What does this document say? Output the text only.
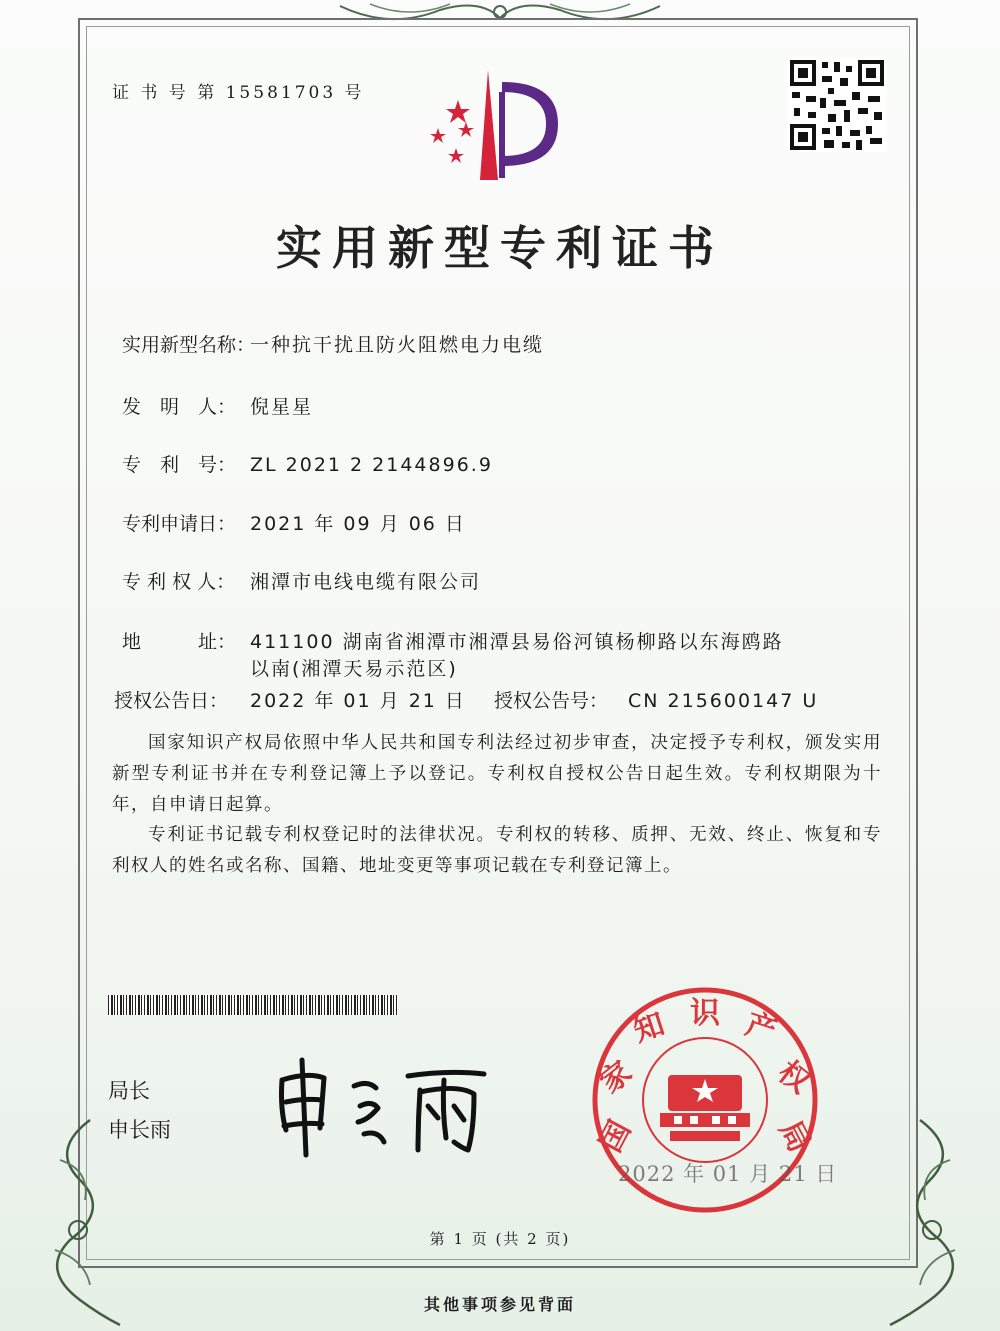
证 书 号 第 15581703 号
实用新型专利证书
实用新型名称：一种抗干扰且防火阻燃电力电缆
发　明　人： 倪星星
专　利　号： ZL 2021 2 2144896.9
专利申请日： 2021 年 09 月 06 日
专 利 权 人： 湘潭市电线电缆有限公司
地　　　址： 411100 湖南省湘潭市湘潭县易俗河镇杨柳路以东海鸥路
以南(湘潭天易示范区)
授权公告日： 2022 年 01 月 21 日 授权公告号： CN 215600147 U
国家知识产权局依照中华人民共和国专利法经过初步审查，决定授予专利权，颁发实用新型专利证书并在专利登记簿上予以登记。专利权自授权公告日起生效。专利权期限为十年，自申请日起算。
专利证书记载专利权登记时的法律状况。专利权的转移、质押、无效、终止、恢复和专利权人的姓名或名称、国籍、地址变更等事项记载在专利登记簿上。
局长
申长雨	国
家
知 识 产
权
局
2022 年 01 月 21 日
第 1 页 (共 2 页)
其他事项参见背面
